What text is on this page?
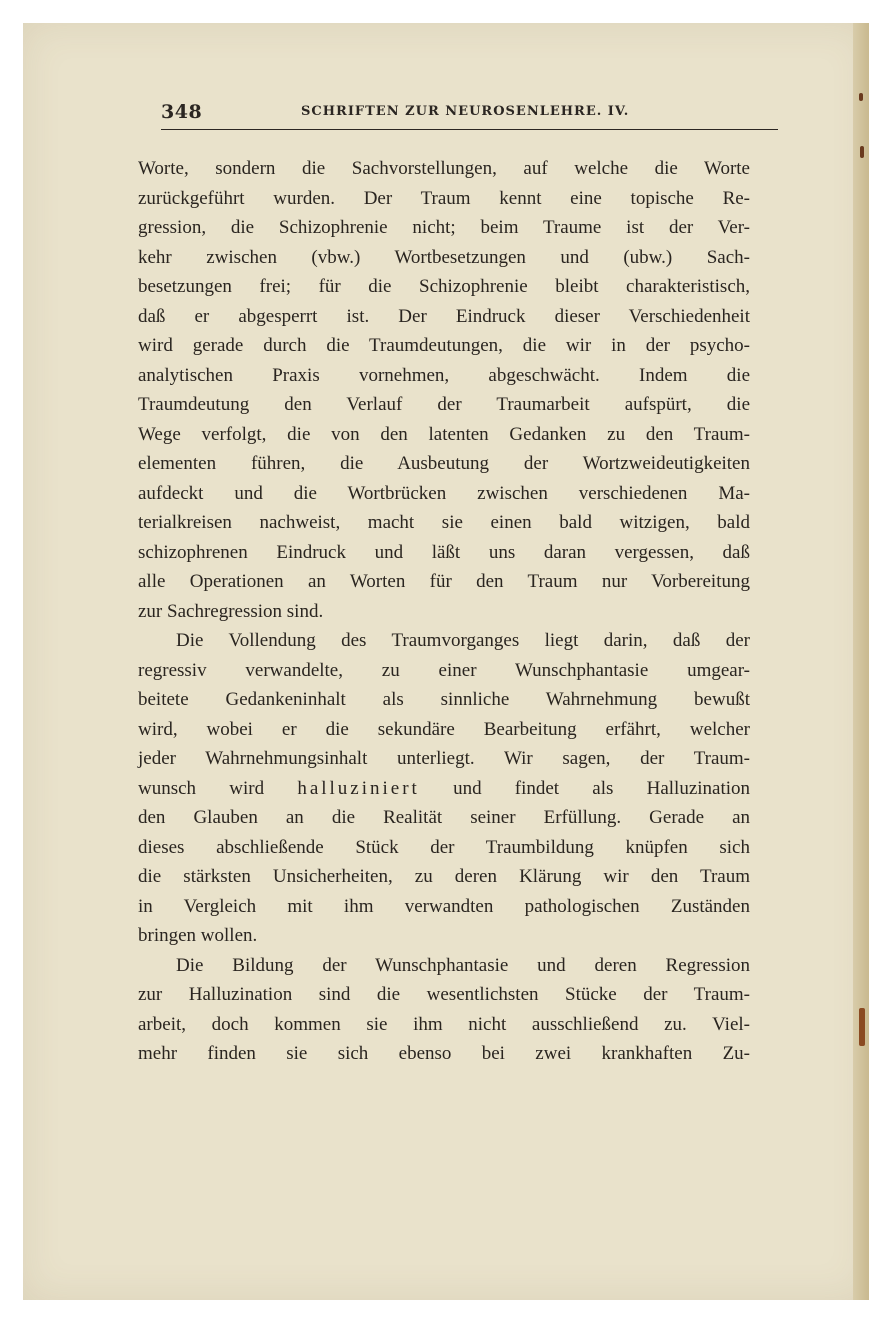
348	SCHRIFTEN ZUR NEUROSENLEHRE. IV.
Worte, sondern die Sachvorstellungen, auf welche die Worte
zurückgeführt wurden. Der Traum kennt eine topische Re-
gression, die Schizophrenie nicht; beim Traume ist der Ver-
kehr zwischen (vbw.) Wortbesetzungen und (ubw.) Sach-
besetzungen frei; für die Schizophrenie bleibt charakteristisch,
daß er abgesperrt ist. Der Eindruck dieser Verschiedenheit
wird gerade durch die Traumdeutungen, die wir in der psycho-
analytischen Praxis vornehmen, abgeschwächt. Indem die
Traumdeutung den Verlauf der Traumarbeit aufspürt, die
Wege verfolgt, die von den latenten Gedanken zu den Traum-
elementen führen, die Ausbeutung der Wortzweideutigkeiten
aufdeckt und die Wortbrücken zwischen verschiedenen Ma-
terialkreisen nachweist, macht sie einen bald witzigen, bald
schizophrenen Eindruck und läßt uns daran vergessen, daß
alle Operationen an Worten für den Traum nur Vorbereitung
zur Sachregression sind.
Die Vollendung des Traumvorganges liegt darin, daß der
regressiv verwandelte, zu einer Wunschphantasie umgear-
beitete Gedankeninhalt als sinnliche Wahrnehmung bewußt
wird, wobei er die sekundäre Bearbeitung erfährt, welcher
jeder Wahrnehmungsinhalt unterliegt. Wir sagen, der Traum-
wunsch wird halluziniert und findet als Halluzination
den Glauben an die Realität seiner Erfüllung. Gerade an
dieses abschließende Stück der Traumbildung knüpfen sich
die stärksten Unsicherheiten, zu deren Klärung wir den Traum
in Vergleich mit ihm verwandten pathologischen Zuständen
bringen wollen.
Die Bildung der Wunschphantasie und deren Regression
zur Halluzination sind die wesentlichsten Stücke der Traum-
arbeit, doch kommen sie ihm nicht ausschließend zu. Viel-
mehr finden sie sich ebenso bei zwei krankhaften Zu-
